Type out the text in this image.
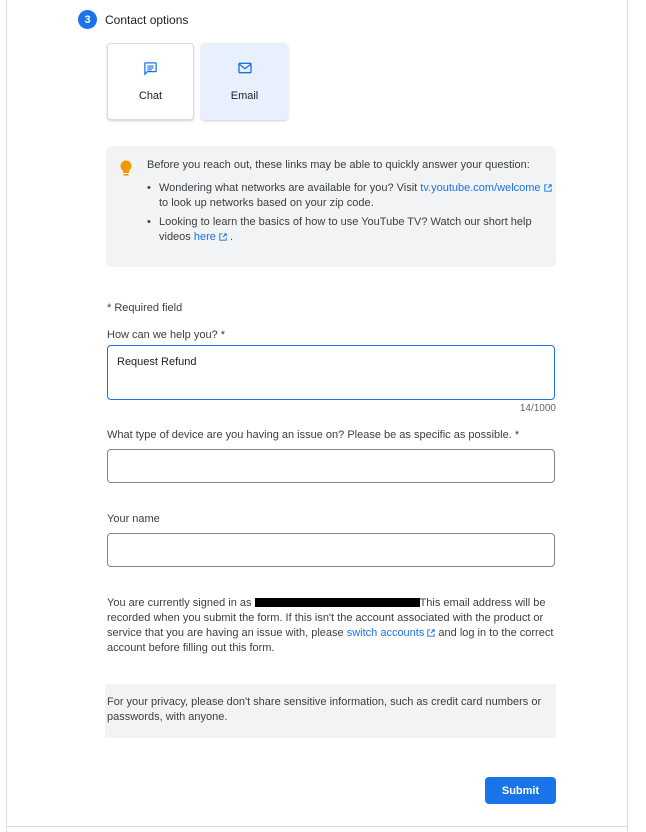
3	Contact options
Chat	Email
Before you reach out, these links may be able to quickly answer your question:
• Wondering what networks are available for you? Visit tv.youtube.com/welcome to look up networks based on your zip code.
• Looking to learn the basics of how to use YouTube TV? Watch our short help videos here .
* Required field
How can we help you? *
Request Refund
14/1000
What type of device are you having an issue on? Please be as specific as possible. *
Your name
You are currently signed in as	This email address will be recorded when you submit the form. If this isn't the account associated with the product or service that you are having an issue with, please switch accounts and log in to the correct account before filling out this form.
For your privacy, please don't share sensitive information, such as credit card numbers or passwords, with anyone.
Submit
